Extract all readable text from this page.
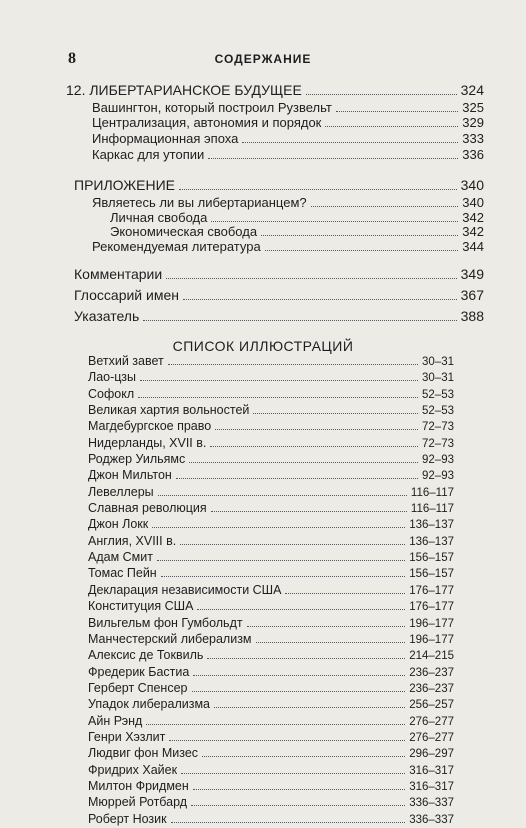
8	СОДЕРЖАНИЕ
12. ЛИБЕРТАРИАНСКОЕ БУДУЩЕЕ	324
Вашингтон, который построил Рузвельт	325
Централизация, автономия и порядок	329
Информационная эпоха	333
Каркас для утопии	336
ПРИЛОЖЕНИЕ	340
Являетесь ли вы либертарианцем?	340
Личная свобода	342
Экономическая свобода	342
Рекомендуемая литература	344
Комментарии	349
Глоссарий имен	367
Указатель	388
СПИСОК ИЛЛЮСТРАЦИЙ
Ветхий завет	30–31
Лао-цзы	30–31
Софокл	52–53
Великая хартия вольностей	52–53
Магдебургское право	72–73
Нидерланды, XVII в.	72–73
Роджер Уильямс	92–93
Джон Мильтон	92–93
Левеллеры	116–117
Славная революция	116–117
Джон Локк	136–137
Англия, XVIII в.	136–137
Адам Смит	156–157
Томас Пейн	156–157
Декларация независимости США	176–177
Конституция США	176–177
Вильгельм фон Гумбольдт	196–177
Манчестерский либерализм	196–177
Алексис де Токвиль	214–215
Фредерик Бастиа	236–237
Герберт Спенсер	236–237
Упадок либерализма	256–257
Айн Рэнд	276–277
Генри Хэзлит	276–277
Людвиг фон Мизес	296–297
Фридрих Хайек	316–317
Милтон Фридмен	316–317
Мюррей Ротбард	336–337
Роберт Нозик	336–337
